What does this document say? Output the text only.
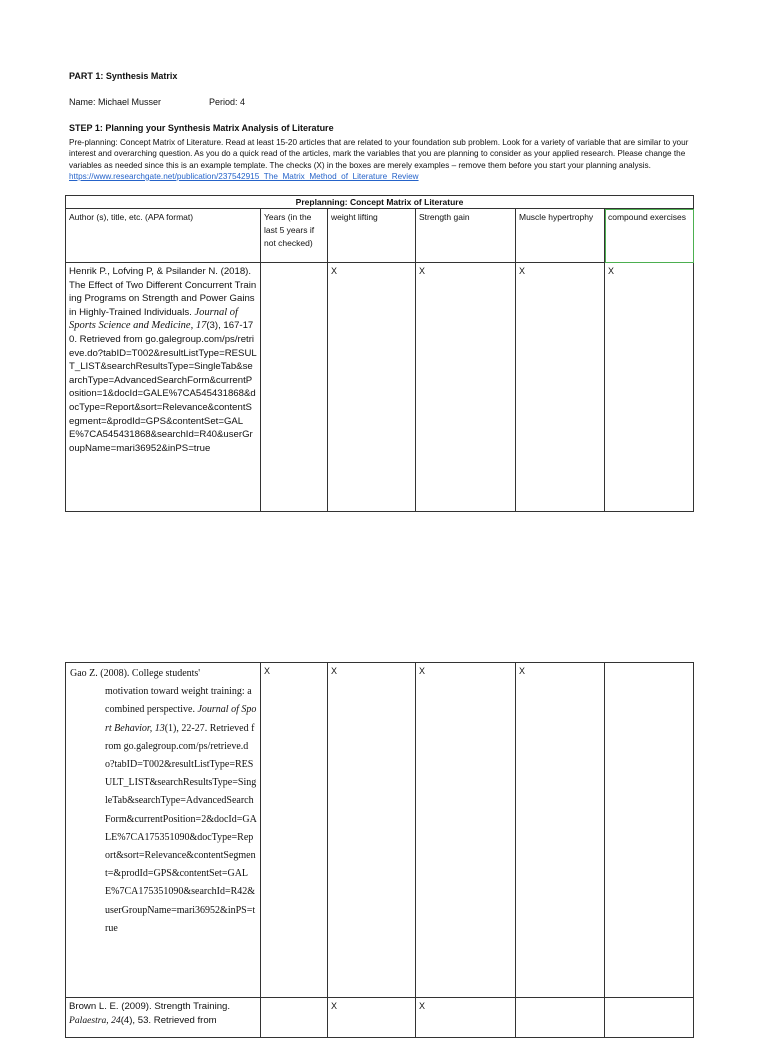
PART 1: Synthesis Matrix
Name: Michael Musser	Period: 4
STEP 1: Planning your Synthesis Matrix Analysis of Literature
Pre-planning: Concept Matrix of Literature. Read at least 15-20 articles that are related to your foundation sub problem. Look for a variety of variable that are similar to your interest and overarching question. As you do a quick read of the articles, mark the variables that you are planning to consider as your applied research. Please change the variables as needed since this is an example template. The checks (X) in the boxes are merely examples – remove them before you start your planning analysis. https://www.researchgate.net/publication/237542915_The_Matrix_Method_of_Literature_Review
Preplanning: Concept Matrix of Literature					
Author (s), title, etc. (APA format)	Years (in the last 5 years if not checked)	weight lifting	Strength gain	Muscle hypertrophy	compound exercises
Henrik P., Lofving P, & Psilander N. (2018). The Effect of Two Different Concurrent Training Programs on Strength and Power Gains in Highly-Trained Individuals. Journal of Sports Science and Medicine, 17(3), 167-170. Retrieved from go.galegroup.com/ps/retrieve.do?tabID=T002&resultListType=RESULT_LIST&searchResultsType=SingleTab&searchType=AdvancedSearchForm&currentPosition=1&docId=GALE%7CA545431868&docType=Report&sort=Relevance&contentSegment=&prodId=GPS&contentSet=GALE%7CA545431868&searchId=R40&userGroupName=mari36952&inPS=true		X	X	X	X
Gao Z. (2008). College students'
motivation toward weight training: a combined perspective. Journal of Sport Behavior, 13(1), 22-27. Retrieved from go.galegroup.com/ps/retrieve.do?tabID=T002&resultListType=RESULT_LIST&searchResultsType=SingleTab&searchType=AdvancedSearchForm&currentPosition=2&docId=GALE%7CA175351090&docType=Report&sort=Relevance&contentSegment=&prodId=GPS&contentSet=GALE%7CA175351090&searchId=R42&userGroupName=mari36952&inPS=true	X	X	X	X	
Brown L. E. (2009). Strength Training. Palaestra, 24(4), 53. Retrieved from		X	X		
